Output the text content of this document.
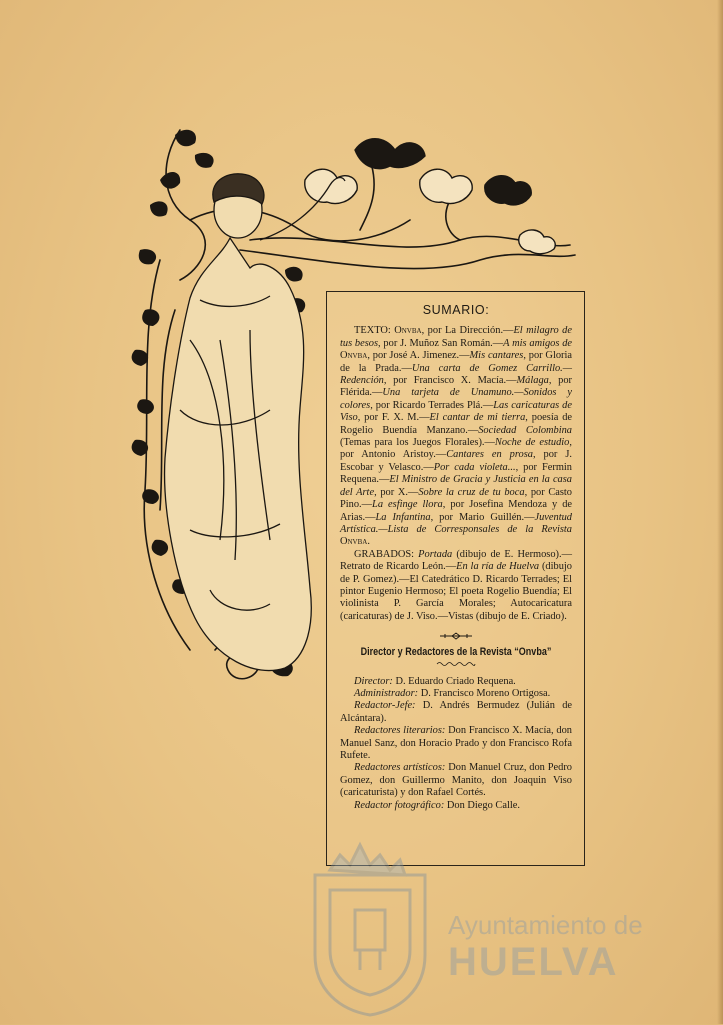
SUMARIO:

TEXTO: Onvba, por La Dirección.—El milagro de tus besos, por J. Muñoz San Román.—A mis amigos de Onvba, por José A. Jimenez.—Mis cantares, por Gloria de la Prada.—Una carta de Gomez Carrillo.—Redención, por Francisco X. Macía.—Málaga, por Flérida.—Una tarjeta de Unamuno.—Sonidos y colores, por Ricardo Terrades Plá.—Las caricaturas de Viso, por F. X. M.—El cantar de mi tierra, poesía de Rogelio Buendía Manzano.—Sociedad Colombina (Temas para los Juegos Florales).—Noche de estudio, por Antonio Aristoy.—Cantares en prosa, por J. Escobar y Velasco.—Por cada violeta..., por Fermin Requena.—El Ministro de Gracia y Justicia en la casa del Arte, por X.—Sobre la cruz de tu boca, por Casto Pino.—La esfinge llora, por Josefina Mendoza y de Arias.—La Infantina, por Mario Guillén.—Juventud Artística.—Lista de Corresponsales de la Revista Onvba.

GRABADOS: Portada (dibujo de E. Hermoso).—Retrato de Ricardo León.—En la ría de Huelva (dibujo de P. Gomez).—El Catedrático D. Ricardo Terrades; El pintor Eugenio Hermoso; El poeta Rogelio Buendía; El violinista P. García Morales; Autocaricatura (caricaturas) de J. Viso.—Vistas (dibujo de E. Criado).

Director y Redactores de la Revista “Onvba”

Director: D. Eduardo Criado Requena.

Administrador: D. Francisco Moreno Ortigosa.

Redactor-Jefe: D. Andrés Bermudez (Julián de Alcántara).

Redactores literarios: Don Francisco X. Macía, don Manuel Sanz, don Horacio Prado y don Francisco Rofa Rufete.

Redactores artísticos: Don Manuel Cruz, don Pedro Gomez, don Guillermo Manito, don Joaquin Viso (caricaturista) y don Rafael Cortés.

Redactor fotográfico: Don Diego Calle.

Ayuntamiento de
HUELVA
